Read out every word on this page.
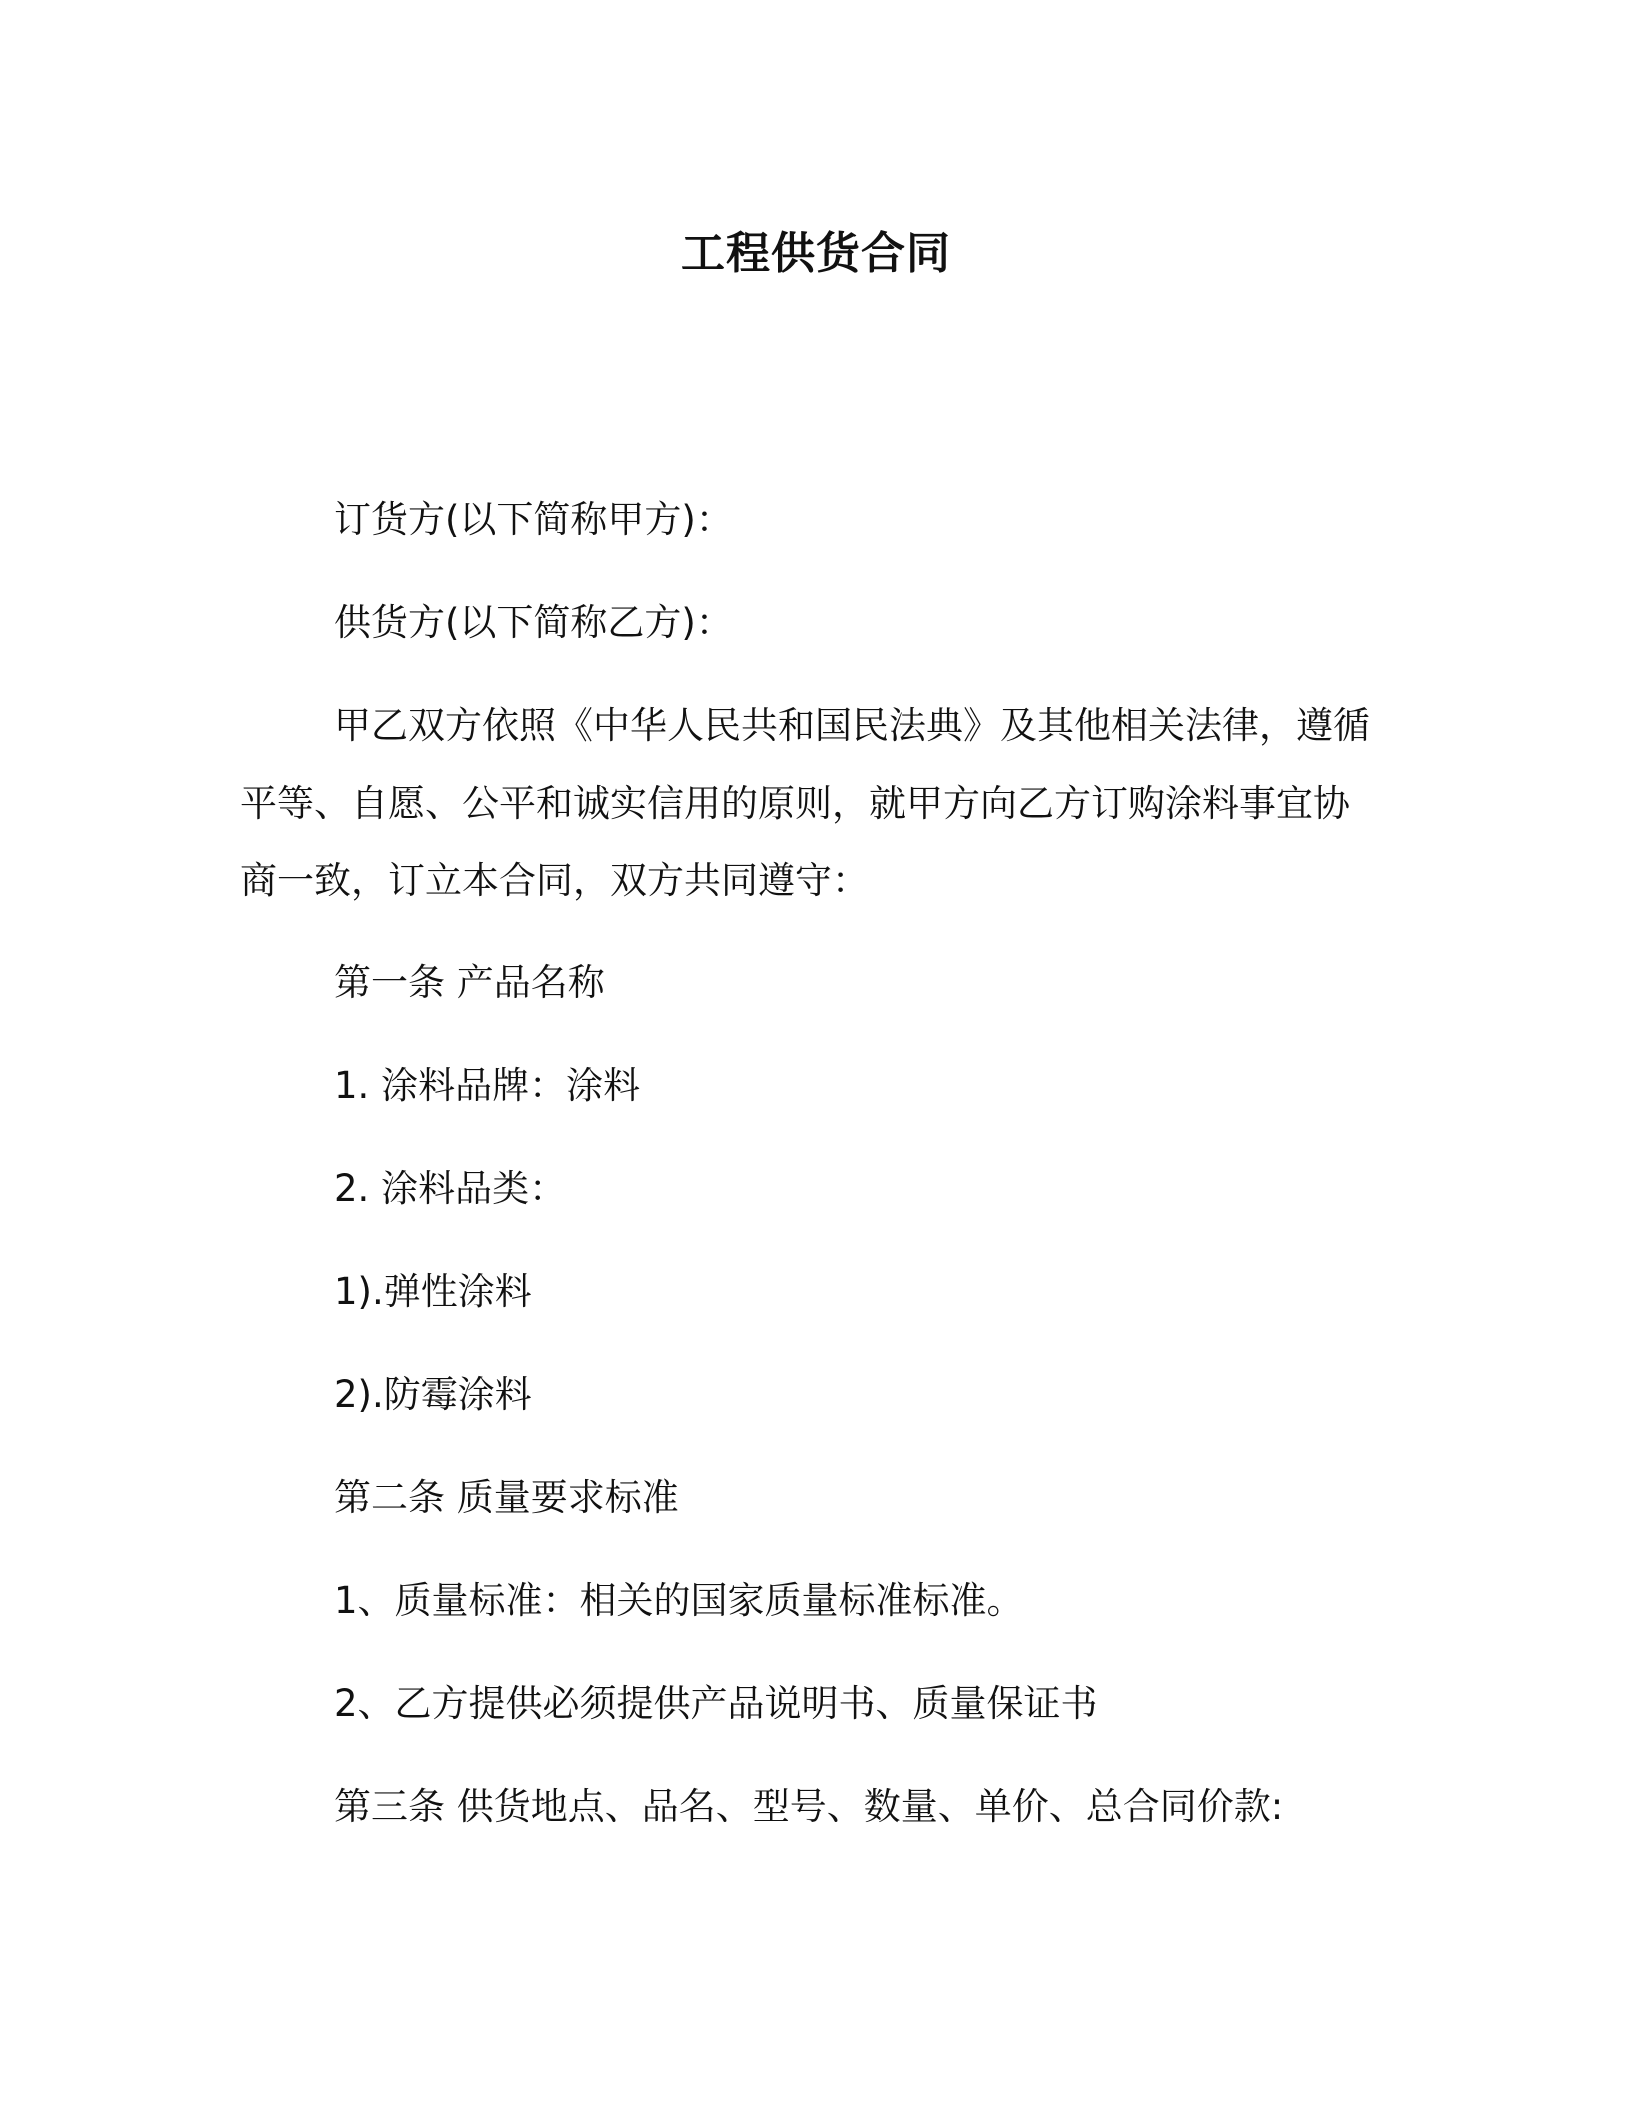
工程供货合同

订货方(以下简称甲方)：

供货方(以下简称乙方)：

甲乙双方依照《中华人民共和国民法典》及其他相关法律，遵循

平等、自愿、公平和诚实信用的原则，就甲方向乙方订购涂料事宜协

商一致，订立本合同，双方共同遵守：

第一条 产品名称

1. 涂料品牌：涂料

2. 涂料品类：

1).弹性涂料

2).防霉涂料

第二条 质量要求标准

1、质量标准：相关的国家质量标准标准。

2、乙方提供必须提供产品说明书、质量保证书

第三条 供货地点、品名、型号、数量、单价、总合同价款:
